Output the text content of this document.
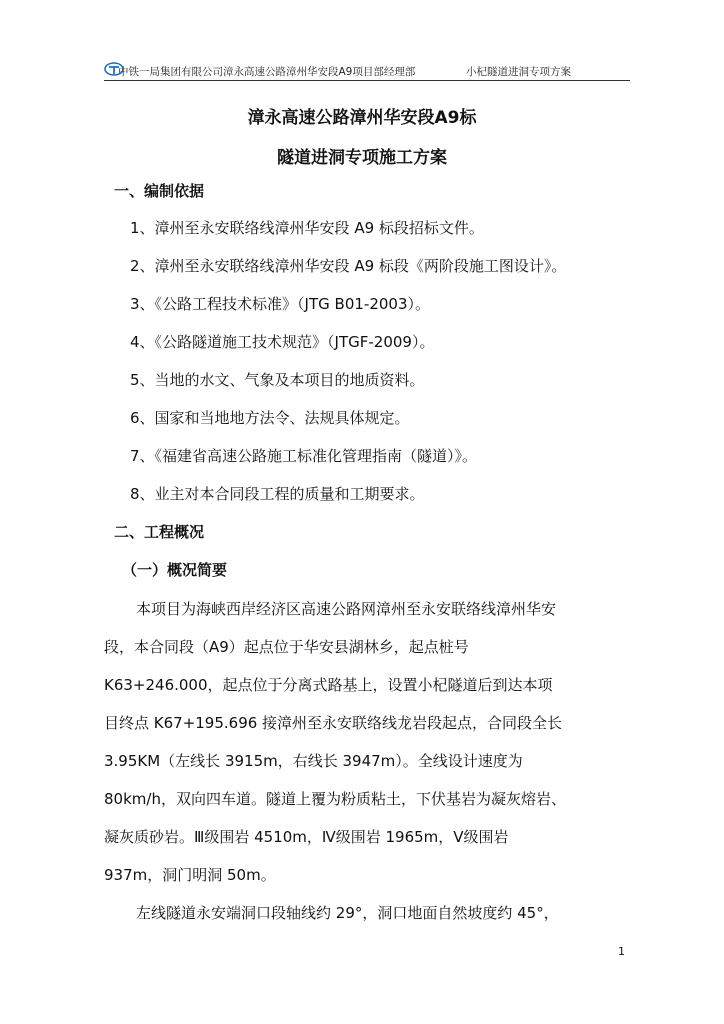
中铁一局集团有限公司漳永高速公路漳州华安段A9项目部经理部	小杞隧道进洞专项方案
漳永高速公路漳州华安段A9标
隧道进洞专项施工方案
一、编制依据
1、漳州至永安联络线漳州华安段 A9 标段招标文件。
2、漳州至永安联络线漳州华安段 A9 标段《两阶段施工图设计》。
3、《公路工程技术标准》（JTG B01-2003）。
4、《公路隧道施工技术规范》（JTGF-2009）。
5、当地的水文、气象及本项目的地质资料。
6、国家和当地地方法令、法规具体规定。
7、《福建省高速公路施工标准化管理指南（隧道）》。
8、业主对本合同段工程的质量和工期要求。
二、工程概况
（一）概况简要
本项目为海峡西岸经济区高速公路网漳州至永安联络线漳州华安
段，本合同段（A9）起点位于华安县湖林乡，起点桩号
K63+246.000，起点位于分离式路基上，设置小杞隧道后到达本项
目终点 K67+195.696 接漳州至永安联络线龙岩段起点，合同段全长
3.95KM（左线长 3915m，右线长 3947m）。全线设计速度为
80km/h，双向四车道。隧道上覆为粉质粘土，下伏基岩为凝灰熔岩、
凝灰质砂岩。Ⅲ级围岩 4510m，Ⅳ级围岩 1965m，Ⅴ级围岩
937m，洞门明洞 50m。
左线隧道永安端洞口段轴线约 29°，洞口地面自然坡度约 45°，
1
